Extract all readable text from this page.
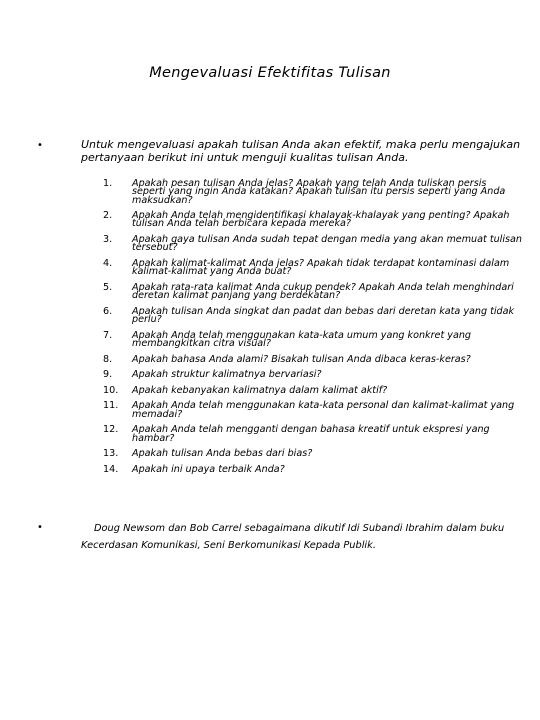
Mengevaluasi Efektifitas Tulisan
•	Untuk mengevaluasi apakah tulisan Anda akan efektif, maka perlu mengajukan pertanyaan berikut ini untuk menguji kualitas tulisan Anda.
1.	Apakah pesan tulisan Anda jelas? Apakah yang telah Anda tuliskan persis seperti yang ingin Anda katakan? Apakah tulisan itu persis seperti yang Anda maksudkan?
2.	Apakah Anda telah mengidentifikasi khalayak-khalayak yang penting? Apakah tulisan Anda telah berbicara kepada mereka?
3.	Apakah gaya tulisan Anda sudah tepat dengan media yang akan memuat tulisan tersebut?
4.	Apakah kalimat-kalimat Anda jelas? Apakah tidak terdapat kontaminasi dalam kalimat-kalimat yang Anda buat?
5.	Apakah rata-rata kalimat Anda cukup pendek? Apakah Anda telah menghindari deretan kalimat panjang yang berdekatan?
6.	Apakah tulisan Anda singkat dan padat dan bebas dari deretan kata yang tidak perlu?
7.	Apakah Anda telah menggunakan kata-kata umum yang konkret yang membangkitkan citra visual?
8.	Apakah bahasa Anda alami? Bisakah tulisan Anda dibaca keras-keras?
9.	Apakah struktur kalimatnya bervariasi?
10.	Apakah kebanyakan kalimatnya dalam kalimat aktif?
11.	Apakah Anda telah menggunakan kata-kata personal dan kalimat-kalimat yang memadai?
12.	Apakah Anda telah mengganti dengan bahasa kreatif untuk ekspresi yang hambar?
13.	Apakah tulisan Anda bebas dari bias?
14.	Apakah ini upaya terbaik Anda?
•	Doug Newsom dan Bob Carrel sebagaimana dikutif Idi Subandi Ibrahim dalam buku
Kecerdasan Komunikasi, Seni Berkomunikasi Kepada Publik.
